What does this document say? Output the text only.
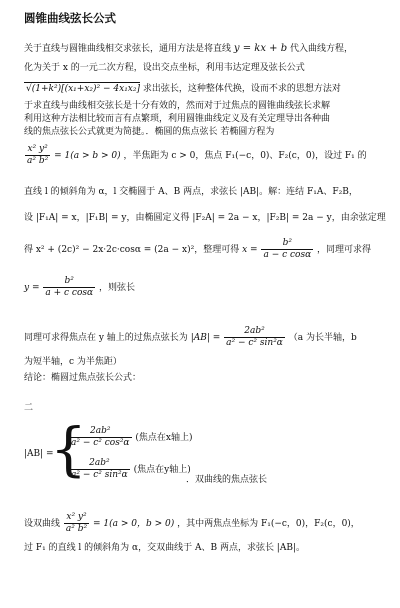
圆锥曲线弦长公式
关于直线与圆锥曲线相交求弦长，通用方法是将直线 y = kx + b 代入曲线方程，
化为关于 x 的一元二次方程，设出交点坐标，利用韦达定理及弦长公式
√(1+k²)[(x₁+x₂)² − 4x₁x₂] 求出弦长，这种整体代换，设而不求的思想方法对
于求直线与曲线相交弦长是十分有效的，然而对于过焦点的圆锥曲线弦长求解
利用这种方法相比较而言有点繁琐，利用圆锥曲线定义及有关定理导出各种曲
线的焦点弦长公式就更为简捷。．椭圆的焦点弦长 若椭圆方程为
$\frac{\text{x² y²}}{\text{a² b²}} = 1(a > b > 0)$ ，半焦距为 c > 0，焦点 F₁(−c，0)、F₂(c，0)，设过 F₁ 的
直线 l 的倾斜角为 α，l 交椭圆于 A、B 两点，求弦长 |AB|。解：连结 F₁A、F₂B，
设 |F₁A| = x，|F₁B| = y，由椭圆定义得 |F₂A| = 2a − x，|F₂B| = 2a − y，由余弦定理
得 x² + (2c)² − 2x·2c·cosα = (2a − x)²，整理可得 $x = \frac{\text{b²}}{\text{a − c cosα}}$ ，同理可求得
$y = \frac{\text{b²}}{\text{a + c cosα}}$ ，则弦长
同理可求得焦点在 y 轴上的过焦点弦长为 $|AB| = \frac{\text{2ab²}}{\text{a² − c² sin²α}} (a$ 为长半轴，b
为短半轴，c 为半焦距）
结论：椭圆过焦点弦长公式：
二
|AB| =
{
$\frac{\text{2ab²}}{\text{a² − c² cos²α}}$ (焦点在x轴上)
$\frac{\text{2ab²}}{\text{a² − c² sin²α}}$ (焦点在y轴上)
．双曲线的焦点弦长
设双曲线 $\frac{\text{x² y²}}{\text{a² b²}} = 1(a > 0$，b > 0) ，其中两焦点坐标为 F₁(−c，0)，F₂(c，0)，
过 F₁ 的直线 l 的倾斜角为 α，交双曲线于 A、B 两点，求弦长 |AB|。
